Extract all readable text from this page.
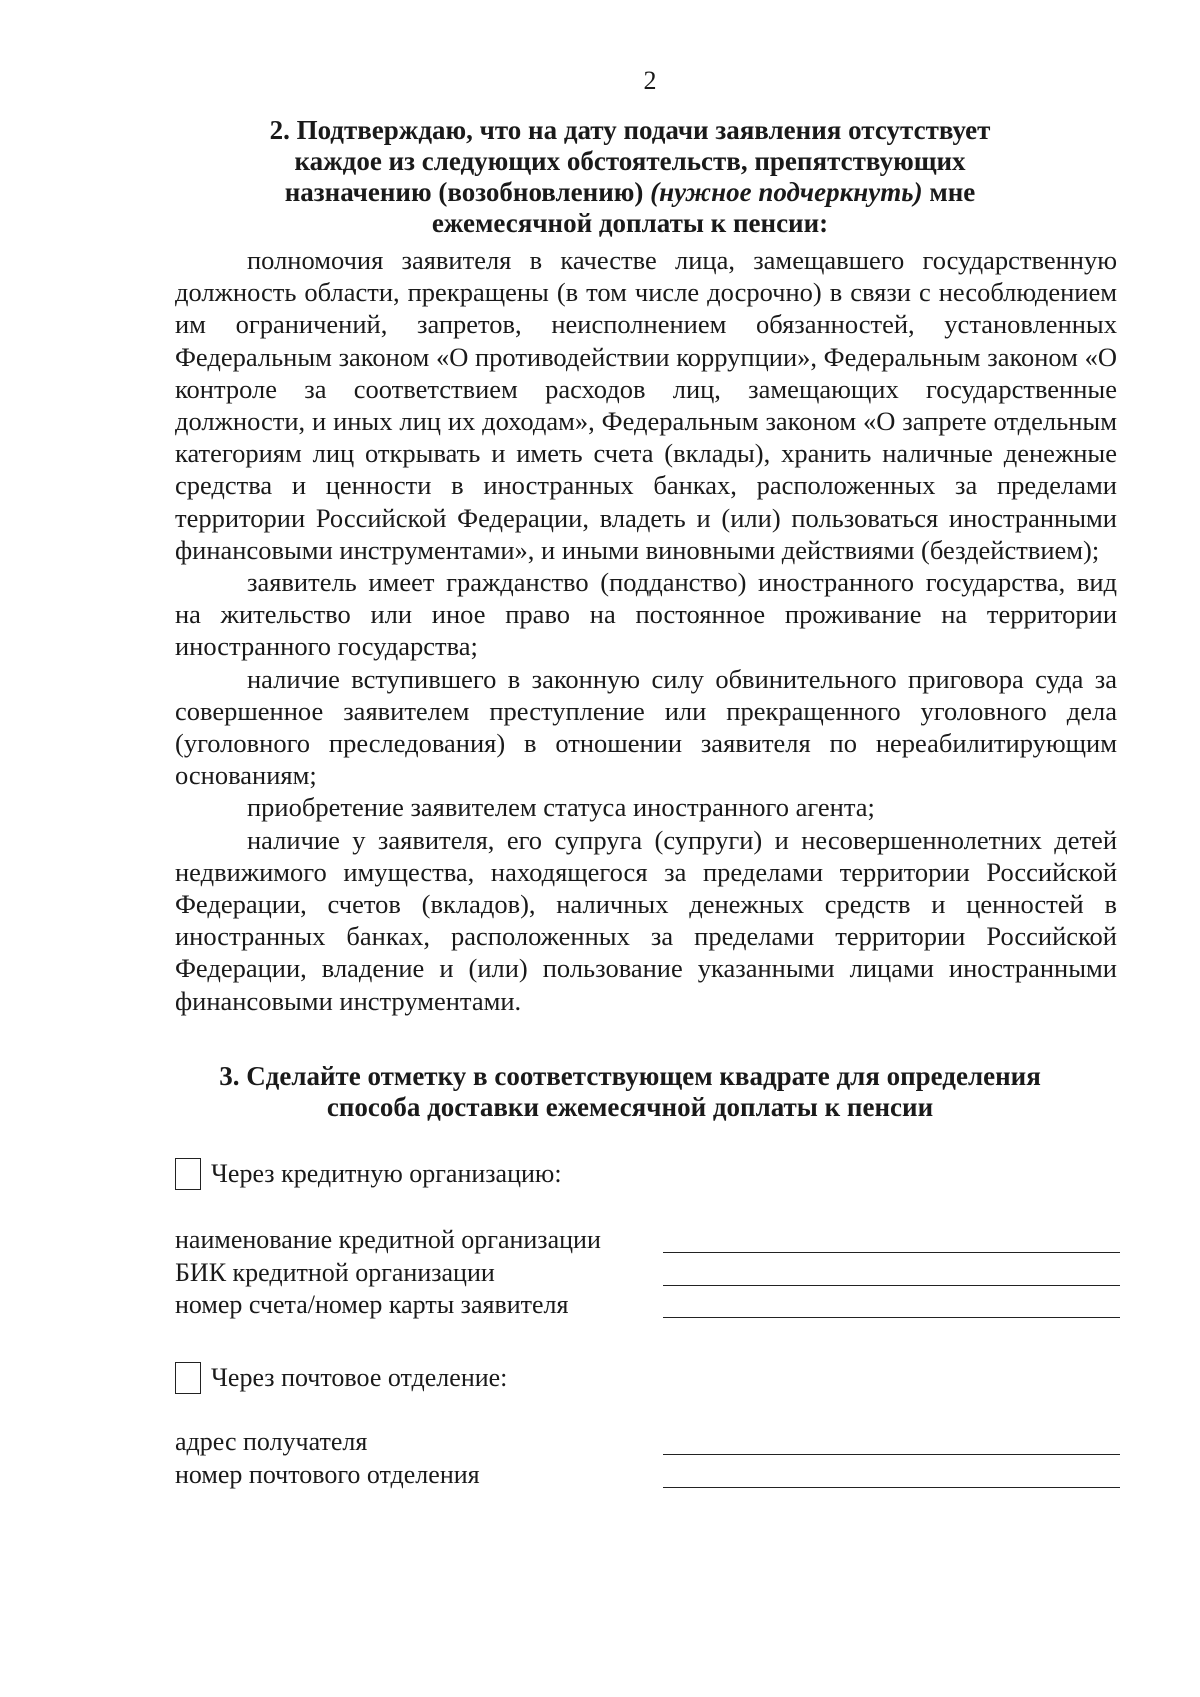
2
2. Подтверждаю, что на дату подачи заявления отсутствует
каждое из следующих обстоятельств, препятствующих
назначению (возобновлению) (нужное подчеркнуть) мне
ежемесячной доплаты к пенсии:

полномочия заявителя в качестве лица, замещавшего государственную должность области, прекращены (в том числе досрочно) в связи с несоблюдением им ограничений, запретов, неисполнением обязанностей, установленных Федеральным законом «О противодействии коррупции», Федеральным законом «О контроле за соответствием расходов лиц, замещающих государственные должности, и иных лиц их доходам», Федеральным законом «О запрете отдельным категориям лиц открывать и иметь счета (вклады), хранить наличные денежные средства и ценности в иностранных банках, расположенных за пределами территории Российской Федерации, владеть и (или) пользоваться иностранными финансовыми инструментами», и иными виновными действиями (бездействием);

заявитель имеет гражданство (подданство) иностранного государства, вид на жительство или иное право на постоянное проживание на территории иностранного государства;

наличие вступившего в законную силу обвинительного приговора суда за совершенное заявителем преступление или прекращенного уголовного дела (уголовного преследования) в отношении заявителя по нереабилитирующим основаниям;

приобретение заявителем статуса иностранного агента;

наличие у заявителя, его супруга (супруги) и несовершеннолетних детей недвижимого имущества, находящегося за пределами территории Российской Федерации, счетов (вкладов), наличных денежных средств и ценностей в иностранных банках, расположенных за пределами территории Российской Федерации, владение и (или) пользование указанными лицами иностранными финансовыми инструментами.

3. Сделайте отметку в соответствующем квадрате для определения
способа доставки ежемесячной доплаты к пенсии
Через кредитную организацию:
наименование кредитной организации
БИК кредитной организации
номер счета/номер карты заявителя
Через почтовое отделение:
адрес получателя
номер почтового отделения
